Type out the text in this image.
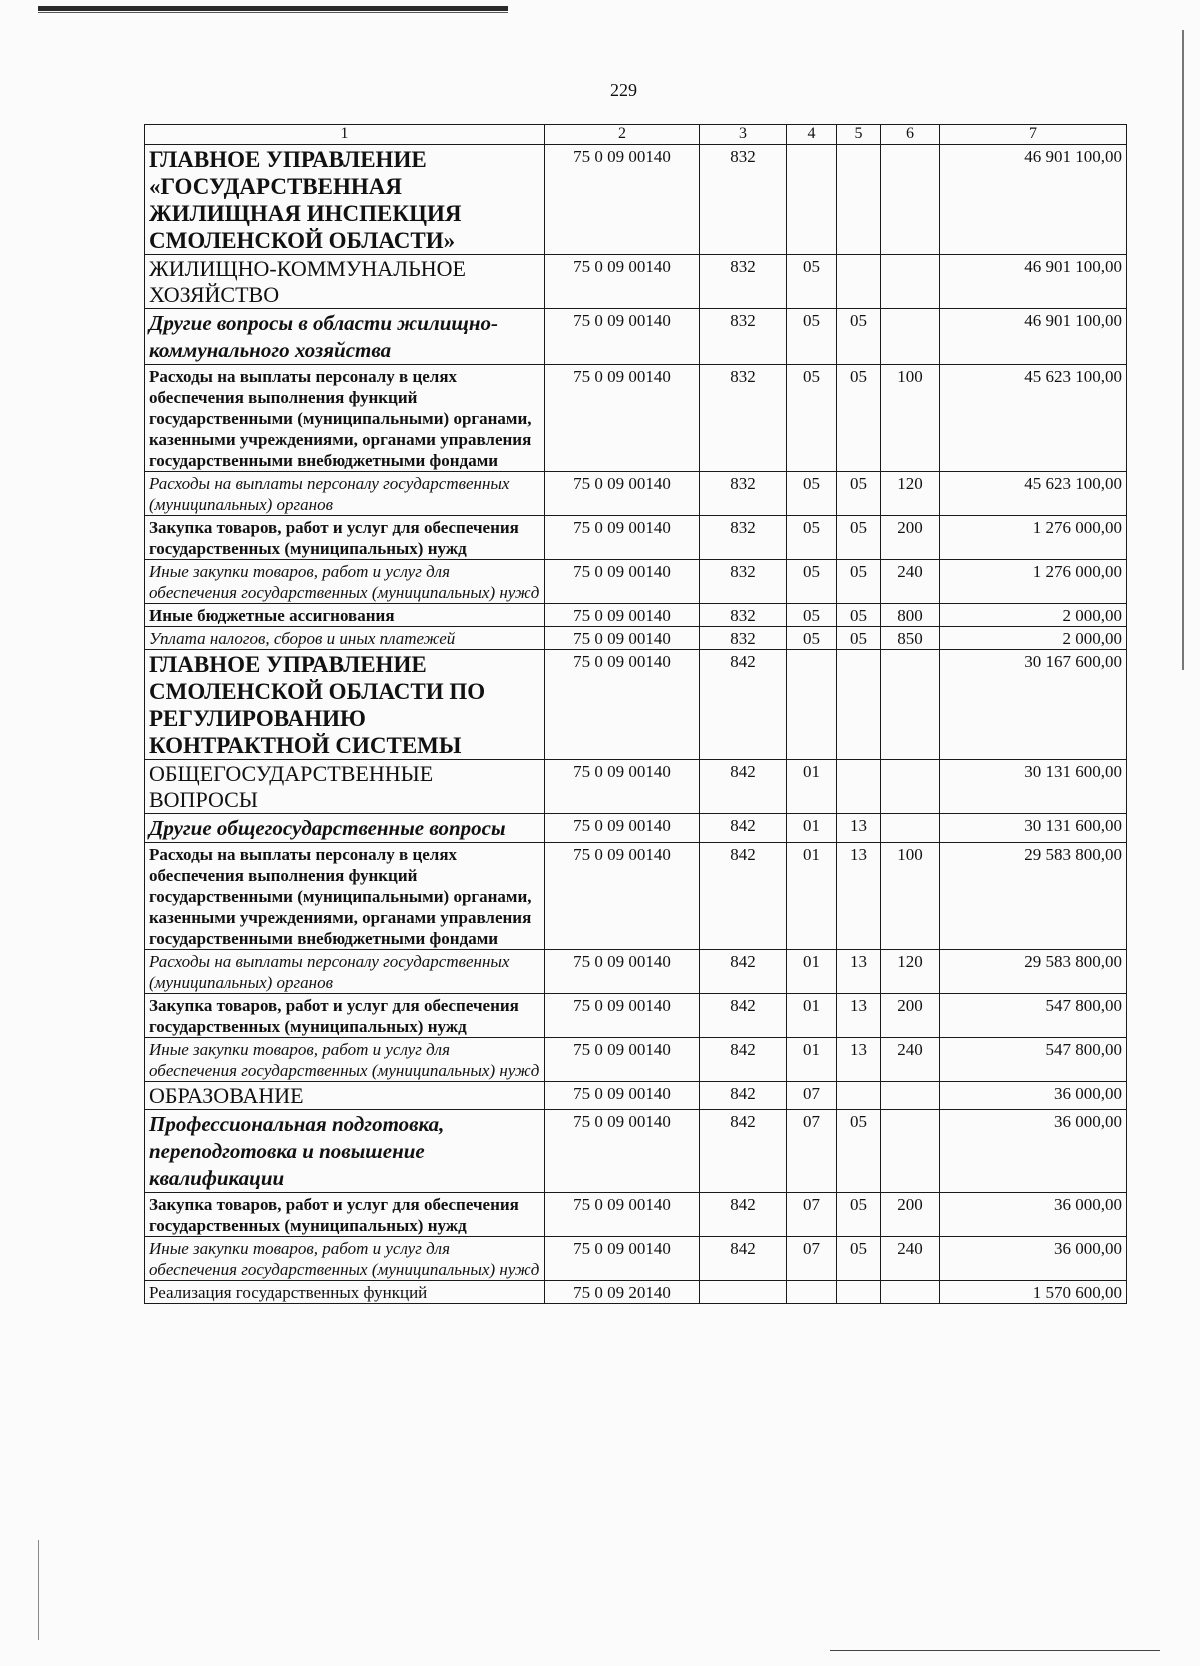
229
1	2	3	4	5	6	7
ГЛАВНОЕ УПРАВЛЕНИЕ «ГОСУДАРСТВЕННАЯ ЖИЛИЩНАЯ ИНСПЕКЦИЯ СМОЛЕНСКОЙ ОБЛАСТИ»	75 0 09 00140	832				46 901 100,00
ЖИЛИЩНО-КОММУНАЛЬНОЕ ХОЗЯЙСТВО	75 0 09 00140	832	05			46 901 100,00
Другие вопросы в области жилищно-коммунального хозяйства	75 0 09 00140	832	05	05		46 901 100,00
Расходы на выплаты персоналу в целях обеспечения выполнения функций государственными (муниципальными) органами, казенными учреждениями, органами управления государственными внебюджетными фондами	75 0 09 00140	832	05	05	100	45 623 100,00
Расходы на выплаты персоналу государственных (муниципальных) органов	75 0 09 00140	832	05	05	120	45 623 100,00
Закупка товаров, работ и услуг для обеспечения государственных (муниципальных) нужд	75 0 09 00140	832	05	05	200	1 276 000,00
Иные закупки товаров, работ и услуг для обеспечения государственных (муниципальных) нужд	75 0 09 00140	832	05	05	240	1 276 000,00
Иные бюджетные ассигнования	75 0 09 00140	832	05	05	800	2 000,00
Уплата налогов, сборов и иных платежей	75 0 09 00140	832	05	05	850	2 000,00
ГЛАВНОЕ УПРАВЛЕНИЕ СМОЛЕНСКОЙ ОБЛАСТИ ПО РЕГУЛИРОВАНИЮ КОНТРАКТНОЙ СИСТЕМЫ	75 0 09 00140	842				30 167 600,00
ОБЩЕГОСУДАРСТВЕННЫЕ ВОПРОСЫ	75 0 09 00140	842	01			30 131 600,00
Другие общегосударственные вопросы	75 0 09 00140	842	01	13		30 131 600,00
Расходы на выплаты персоналу в целях обеспечения выполнения функций государственными (муниципальными) органами, казенными учреждениями, органами управления государственными внебюджетными фондами	75 0 09 00140	842	01	13	100	29 583 800,00
Расходы на выплаты персоналу государственных (муниципальных) органов	75 0 09 00140	842	01	13	120	29 583 800,00
Закупка товаров, работ и услуг для обеспечения государственных (муниципальных) нужд	75 0 09 00140	842	01	13	200	547 800,00
Иные закупки товаров, работ и услуг для обеспечения государственных (муниципальных) нужд	75 0 09 00140	842	01	13	240	547 800,00
ОБРАЗОВАНИЕ	75 0 09 00140	842	07			36 000,00
Профессиональная подготовка, переподготовка и повышение квалификации	75 0 09 00140	842	07	05		36 000,00
Закупка товаров, работ и услуг для обеспечения государственных (муниципальных) нужд	75 0 09 00140	842	07	05	200	36 000,00
Иные закупки товаров, работ и услуг для обеспечения государственных (муниципальных) нужд	75 0 09 00140	842	07	05	240	36 000,00
Реализация государственных функций	75 0 09 20140					1 570 600,00
